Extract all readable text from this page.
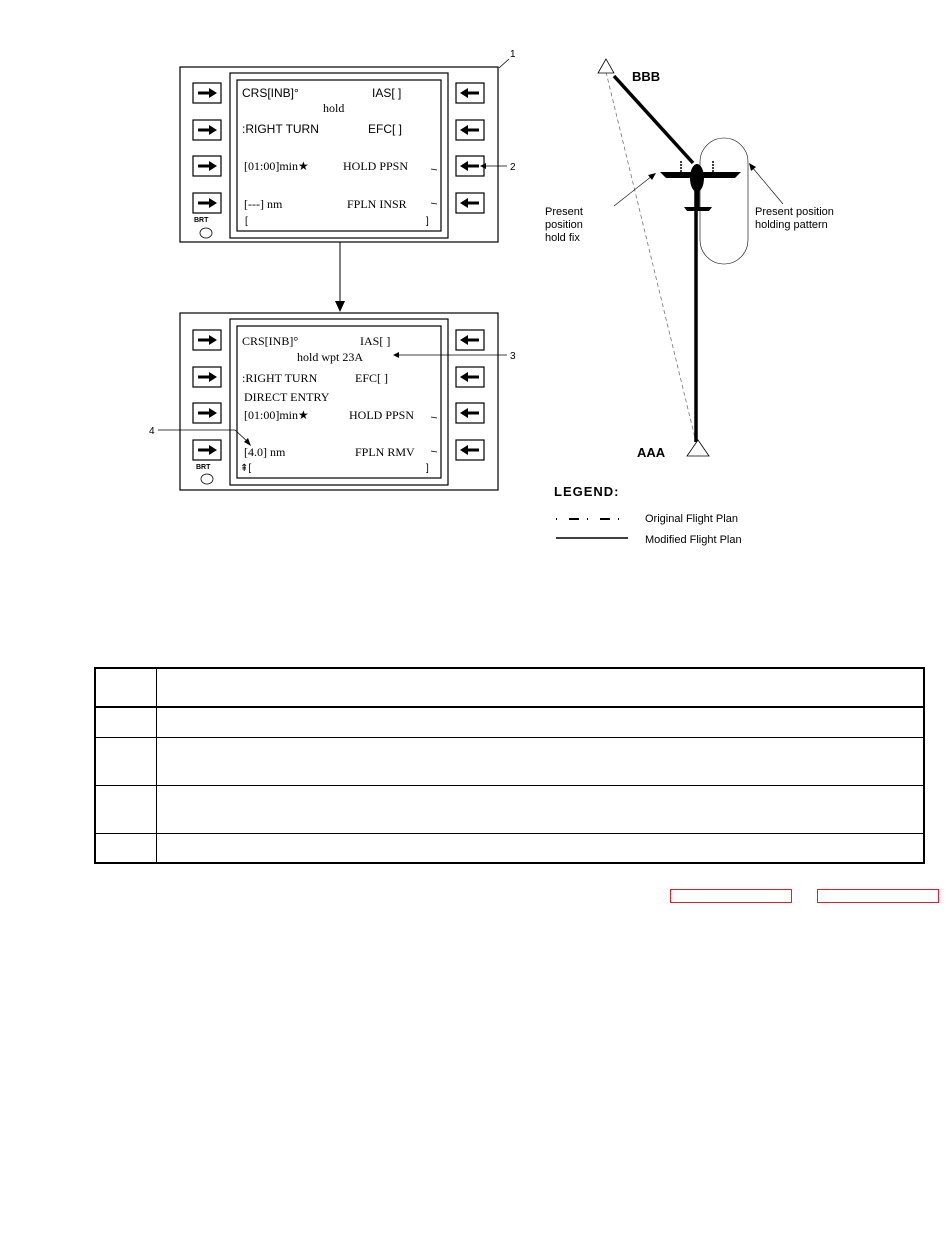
BRT
CRS[INB]°	IAS[ ]
hold
:RIGHT TURN	EFC[ ]
[01:00]min★	HOLD PPSN
[---] nm	FPLN INSR
[	]
1
2
BRT
CRS[INB]°	IAS[ ]
hold wpt 23A
:RIGHT TURN	EFC[ ]
DIRECT ENTRY
[01:00]min★	HOLD PPSN
[4.0] nm	FPLN RMV
⇞[	]
3
4
BBB
AAA
Present
position
hold fix
Present position
holding pattern
LEGEND:
Original Flight Plan
Modified Flight Plan
